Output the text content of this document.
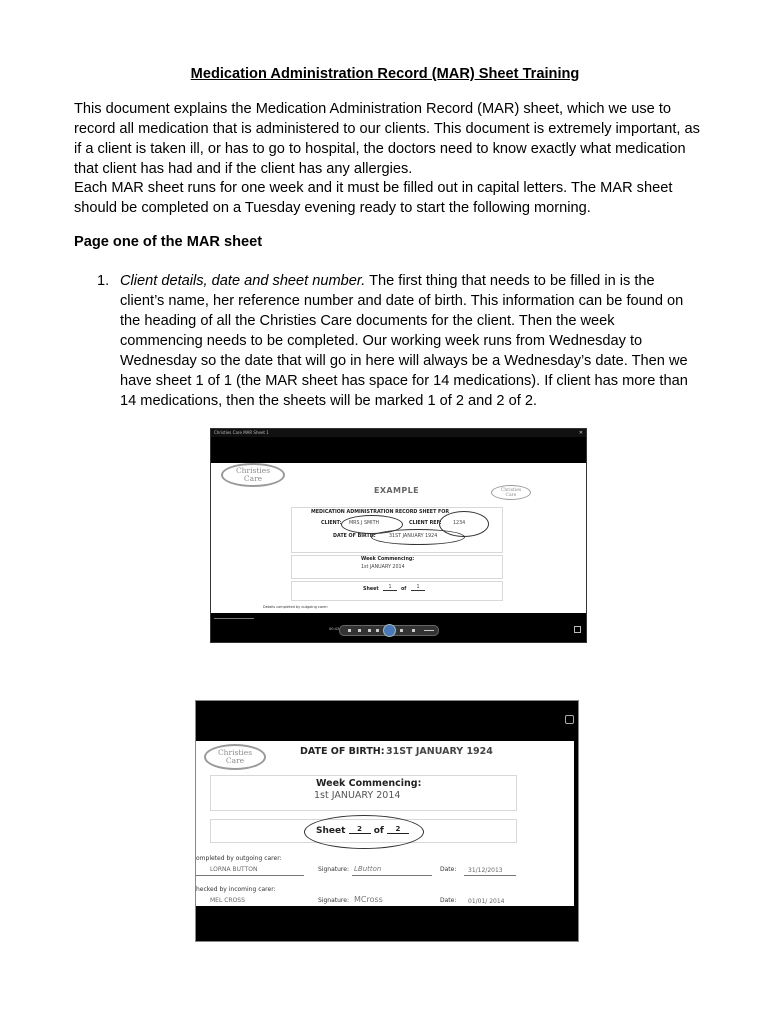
Medication Administration Record (MAR) Sheet Training

This document explains the Medication Administration Record (MAR) sheet, which we use to record all medication that is administered to our clients. This document is extremely important, as if a client is taken ill, or has to go to hospital, the doctors need to know exactly what medication that client has had and if the client has any allergies.

Each MAR sheet runs for one week and it must be filled out in capital letters. The MAR sheet should be completed on a Tuesday evening ready to start the following morning.

Page one of the MAR sheet
1. Client details, date and sheet number. The first thing that needs to be filled in is the client’s name, her reference number and date of birth. This information can be found on the heading of all the Christies Care documents for the client. Then the week commencing needs to be completed. Our working week runs from Wednesday to Wednesday so the date that will go in here will always be a Wednesday’s date. Then we have sheet 1 of 1 (the MAR sheet has space for 14 medications). If client has more than 14 medications, then the sheets will be marked 1 of 2 and 2 of 2.

Christies Care MAR Sheet 1	✕
Christies
Care
Christies
Care
EXAMPLE
MEDICATION ADMINISTRATION RECORD SHEET FOR
CLIENT: MRS J SMITH	CLIENT REF: 1234
DATE OF BIRTH:	31ST JANUARY 1924
Week Commencing:
1st JANUARY 2014
Sheet	1	of	1
Details completed by outgoing carer:
00:43
Christies
Care
DATE OF BIRTH: 31ST JANUARY 1924
Week Commencing:
1st JANUARY 2014
Sheet 2 of 2
ompleted by outgoing carer:
LORNA BUTTON	Signature: LButton	Date: 31/12/2013
hecked by incoming carer:
MEL CROSS	Signature: MCross	Date: 01/01/ 2014
